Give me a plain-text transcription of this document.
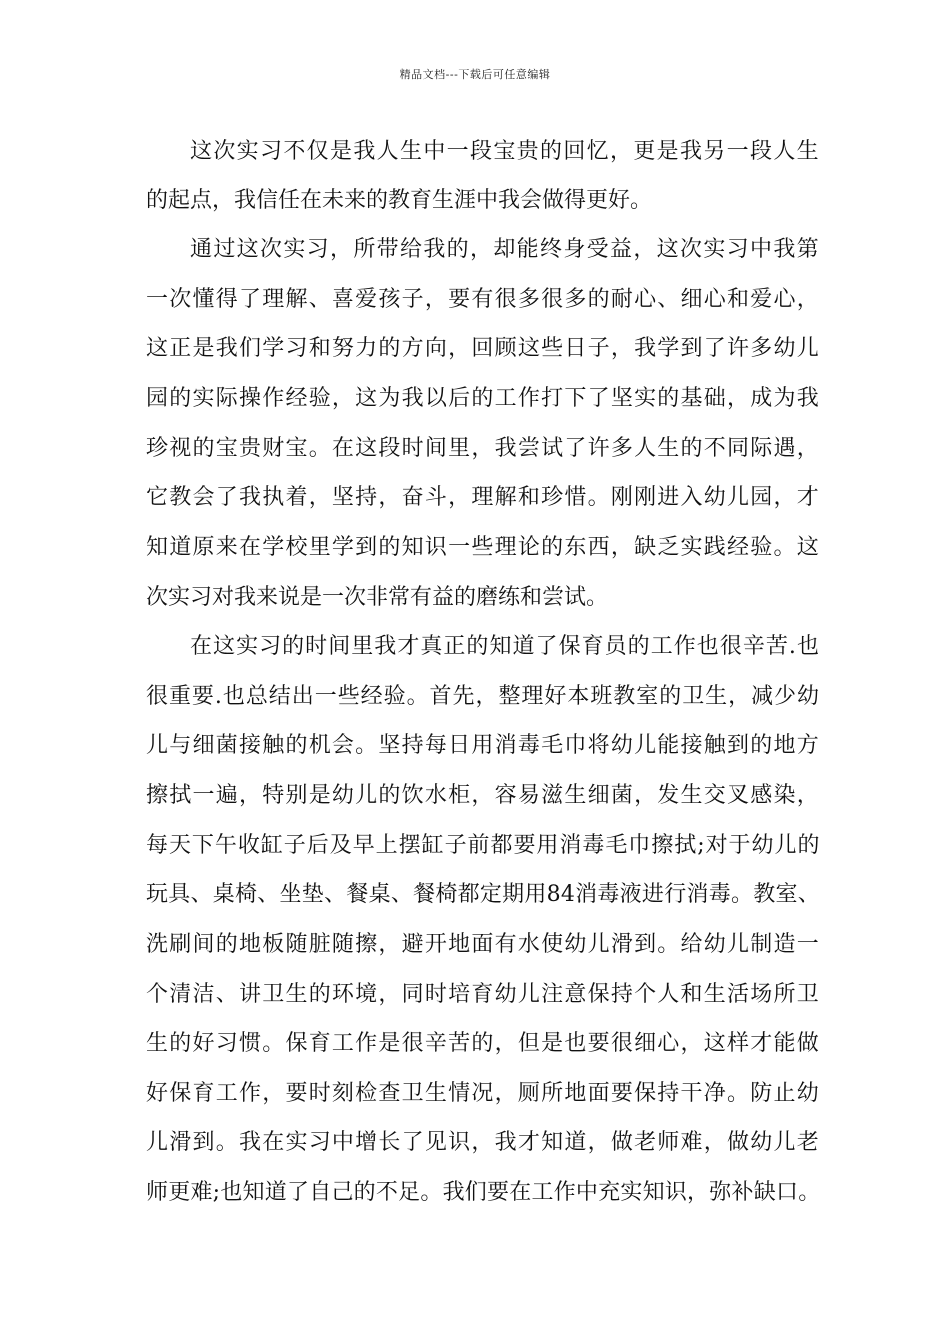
精品文档---下载后可任意编辑
这次实习不仅是我人生中一段宝贵的回忆，更是我另一段人生
的起点，我信任在未来的教育生涯中我会做得更好。
通过这次实习，所带给我的，却能终身受益，这次实习中我第
一次懂得了理解、喜爱孩子，要有很多很多的耐心、细心和爱心，
这正是我们学习和努力的方向，回顾这些日子，我学到了许多幼儿
园的实际操作经验，这为我以后的工作打下了坚实的基础，成为我
珍视的宝贵财宝。在这段时间里，我尝试了许多人生的不同际遇，
它教会了我执着，坚持，奋斗，理解和珍惜。刚刚进入幼儿园，才
知道原来在学校里学到的知识一些理论的东西，缺乏实践经验。这
次实习对我来说是一次非常有益的磨练和尝试。
在这实习的时间里我才真正的知道了保育员的工作也很辛苦.也
很重要.也总结出一些经验。首先，整理好本班教室的卫生，减少幼
儿与细菌接触的机会。坚持每日用消毒毛巾将幼儿能接触到的地方
擦拭一遍，特别是幼儿的饮水柜，容易滋生细菌，发生交叉感染，
每天下午收缸子后及早上摆缸子前都要用消毒毛巾擦拭;对于幼儿的
玩具、桌椅、坐垫、餐桌、餐椅都定期用84消毒液进行消毒。教室、
洗刷间的地板随脏随擦，避开地面有水使幼儿滑到。给幼儿制造一
个清洁、讲卫生的环境，同时培育幼儿注意保持个人和生活场所卫
生的好习惯。保育工作是很辛苦的，但是也要很细心，这样才能做
好保育工作，要时刻检查卫生情况，厕所地面要保持干净。防止幼
儿滑到。我在实习中增长了见识，我才知道，做老师难，做幼儿老
师更难;也知道了自己的不足。我们要在工作中充实知识，弥补缺口。
